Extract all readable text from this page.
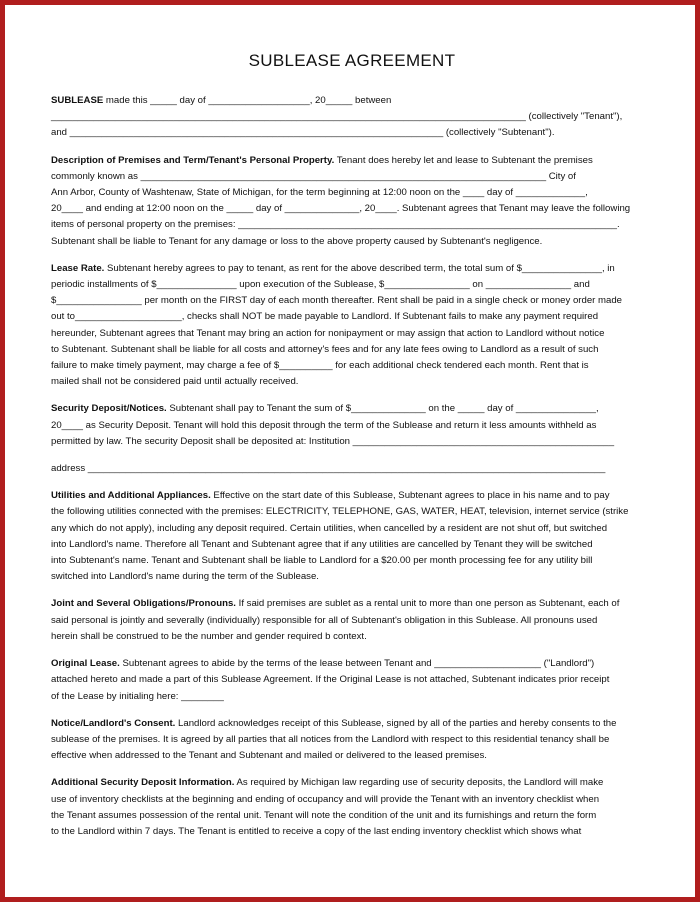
SUBLEASE AGREEMENT
SUBLEASE made this _____ day of ___________________, 20_____ between
_________________________________________________________________________________________ (collectively "Tenant"),
and ______________________________________________________________________ (collectively "Subtenant").
Description of Premises and Term/Tenant's Personal Property. Tenant does hereby let and lease to Subtenant the premises
commonly known as ____________________________________________________________________________ City of
Ann Arbor, County of Washtenaw, State of Michigan, for the term beginning at 12:00 noon on the ____ day of _____________,
20____ and ending at 12:00 noon on the _____ day of ______________, 20____. Subtenant agrees that Tenant may leave the following
items of personal property on the premises: _______________________________________________________________________.
Subtenant shall be liable to Tenant for any damage or loss to the above property caused by Subtenant's negligence.
Lease Rate. Subtenant hereby agrees to pay to tenant, as rent for the above described term, the total sum of $_______________, in
periodic installments of $_______________ upon execution of the Sublease, $________________ on ________________ and
$________________ per month on the FIRST day of each month thereafter. Rent shall be paid in a single check or money order made
out to____________________, checks shall NOT be made payable to Landlord. If Subtenant fails to make any payment required
hereunder, Subtenant agrees that Tenant may bring an action for nonipayment or may assign that action to Landlord without notice
to Subtenant. Subtenant shall be liable for all costs and attorney's fees and for any late fees owing to Landlord as a result of such
failure to make timely payment, may charge a fee of $__________ for each additional check tendered each month. Rent that is
mailed shall not be considered paid until actually received.
Security Deposit/Notices. Subtenant shall pay to Tenant the sum of $______________ on the _____ day of _______________,
20____ as Security Deposit. Tenant will hold this deposit through the term of the Sublease and return it less amounts withheld as
permitted by law. The security Deposit shall be deposited at: Institution _________________________________________________
address _________________________________________________________________________________________________
Utilities and Additional Appliances. Effective on the start date of this Sublease, Subtenant agrees to place in his name and to pay
the following utilities connected with the premises: ELECTRICITY, TELEPHONE, GAS, WATER, HEAT, television, internet service (strike
any which do not apply), including any deposit required. Certain utilities, when cancelled by a resident are not shut off, but switched
into Landlord's name. Therefore all Tenant and Subtenant agree that if any utilities are cancelled by Tenant they will be switched
into Subtenant's name. Tenant and Subtenant shall be liable to Landlord for a $20.00 per month processing fee for any utility bill
switched into Landlord's name during the term of the Sublease.
Joint and Several Obligations/Pronouns. If said premises are sublet as a rental unit to more than one person as Subtenant, each of
said personal is jointly and severally (individually) responsible for all of Subtenant's obligation in this Sublease. All pronouns used
herein shall be construed to be the number and gender required b context.
Original Lease. Subtenant agrees to abide by the terms of the lease between Tenant and ____________________ ("Landlord")
attached hereto and made a part of this Sublease Agreement. If the Original Lease is not attached, Subtenant indicates prior receipt
of the Lease by initialing here: ________
Notice/Landlord's Consent. Landlord acknowledges receipt of this Sublease, signed by all of the parties and hereby consents to the
sublease of the premises. It is agreed by all parties that all notices from the Landlord with respect to this residential tenancy shall be
effective when addressed to the Tenant and Subtenant and mailed or delivered to the leased premises.
Additional Security Deposit Information. As required by Michigan law regarding use of security deposits, the Landlord will make
use of inventory checklists at the beginning and ending of occupancy and will provide the Tenant with an inventory checklist when
the Tenant assumes possession of the rental unit. Tenant will note the condition of the unit and its furnishings and return the form
to the Landlord within 7 days. The Tenant is entitled to receive a copy of the last ending inventory checklist which shows what
